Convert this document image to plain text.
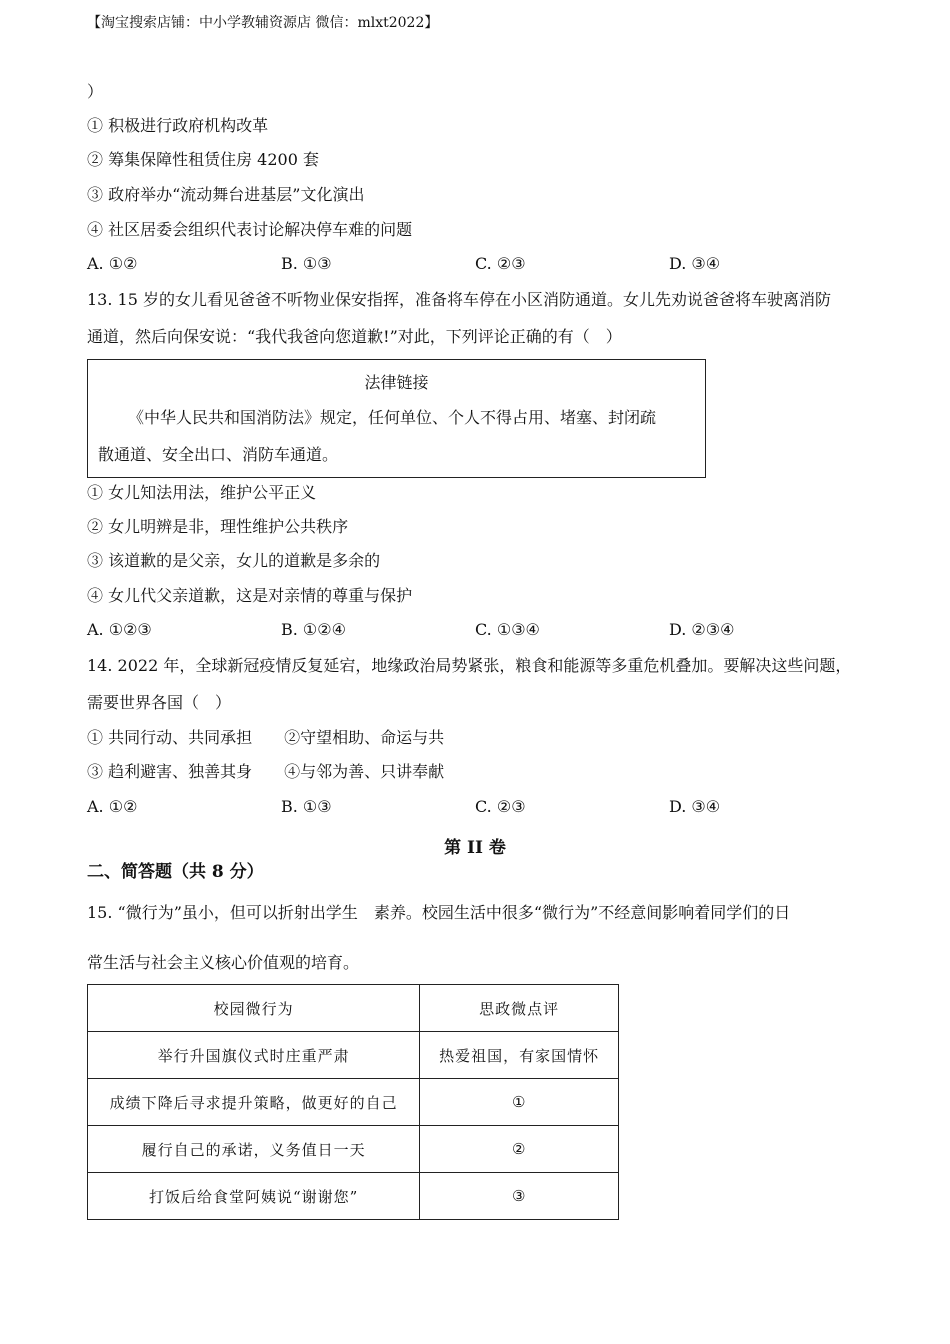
【淘宝搜索店铺：中小学教辅资源店 微信：mlxt2022】
）
① 积极进行政府机构改革
② 筹集保障性租赁住房 4200 套
③ 政府举办“流动舞台进基层”文化演出
④ 社区居委会组织代表讨论解决停车难的问题
A. ①②	B. ①③	C. ②③	D. ③④
13. 15 岁的女儿看见爸爸不听物业保安指挥，准备将车停在小区消防通道。女儿先劝说爸爸将车驶离消防
通道，然后向保安说：“我代我爸向您道歉!”对此，下列评论正确的有（　）
法律链接
《中华人民共和国消防法》规定，任何单位、个人不得占用、堵塞、封闭疏
散通道、安全出口、消防车通道。
① 女儿知法用法，维护公平正义
② 女儿明辨是非，理性维护公共秩序
③ 该道歉的是父亲，女儿的道歉是多余的
④ 女儿代父亲道歉，这是对亲情的尊重与保护
A. ①②③	B. ①②④	C. ①③④	D. ②③④
14. 2022 年，全球新冠疫情反复延宕，地缘政治局势紧张，粮食和能源等多重危机叠加。要解决这些问题，
需要世界各国（　）
① 共同行动、共同承担　　②守望相助、命运与共
③ 趋利避害、独善其身　　④与邻为善、只讲奉献
A. ①②	B. ①③	C. ②③	D. ③④
第 II 卷
二、简答题（共 8 分）
15. “微行为”虽小，但可以折射出学生　素养。校园生活中很多“微行为”不经意间影响着同学们的日
常生活与社会主义核心价值观的培育。
校园微行为	思政微点评
举行升国旗仪式时庄重严肃	热爱祖国，有家国情怀
成绩下降后寻求提升策略，做更好的自己	①
履行自己的承诺，义务值日一天	②
打饭后给食堂阿姨说“谢谢您”	③
